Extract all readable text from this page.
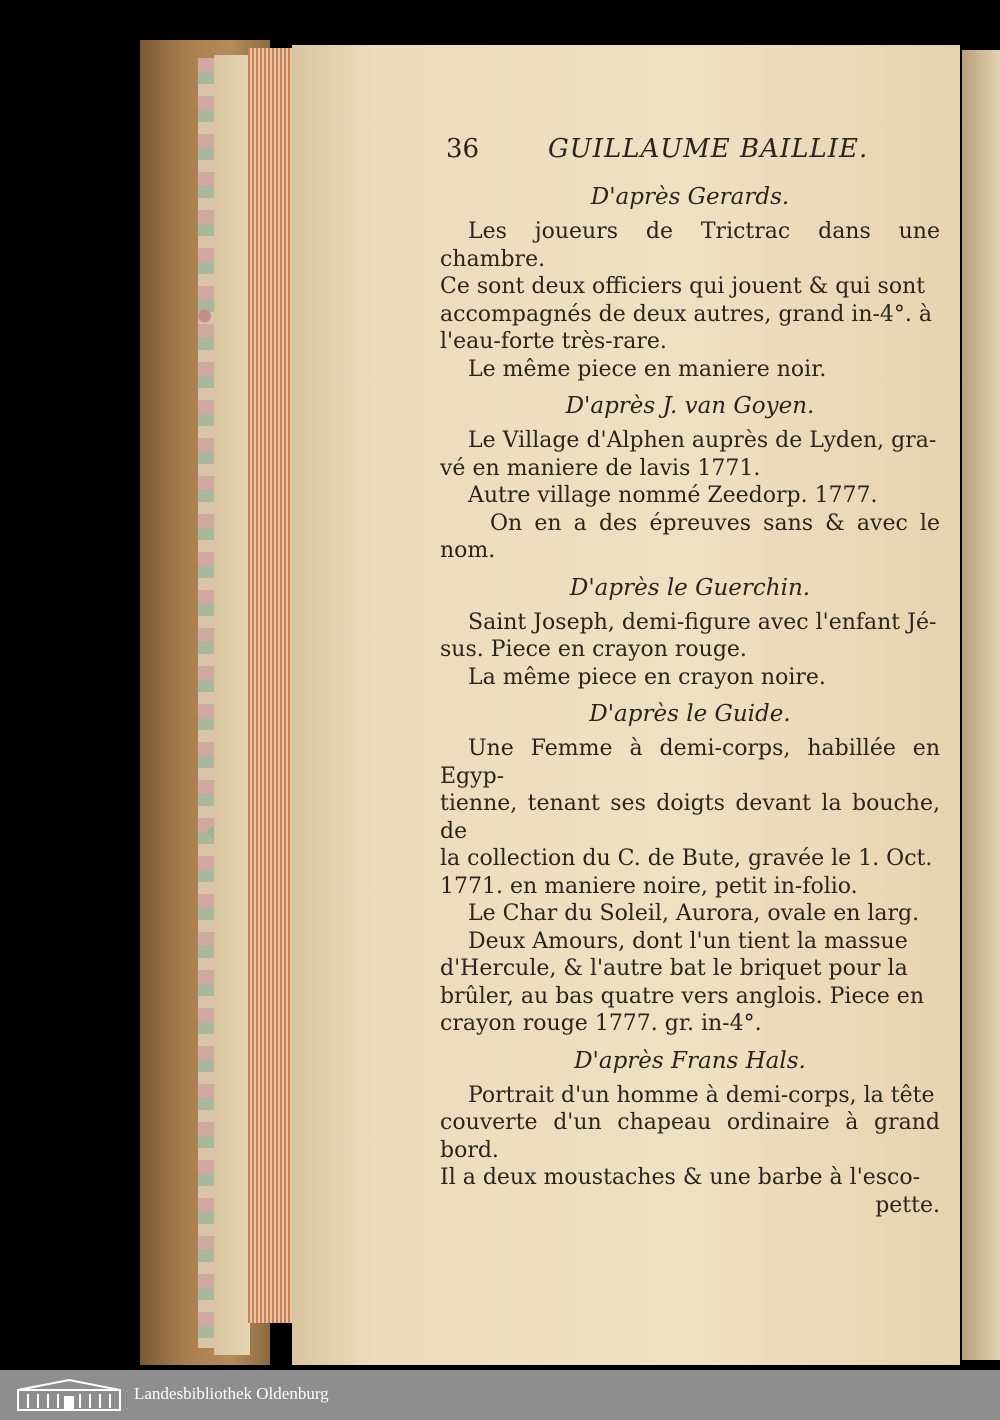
36	GUILLAUME BAILLIE.
D'après Gerards.

Les joueurs de Trictrac dans une chambre.

Ce sont deux officiers qui jouent & qui sont

accompagnés de deux autres, grand in-4°. à

l'eau-forte très-rare.

Le même piece en maniere noir.

D'après J. van Goyen.

Le Village d'Alphen auprès de Lyden, gra-

vé en maniere de lavis 1771.

Autre village nommé Zeedorp. 1777.

On en a des épreuves sans & avec le nom.

D'après le Guerchin.

Saint Joseph, demi-figure avec l'enfant Jé-

sus. Piece en crayon rouge.

La même piece en crayon noire.

D'après le Guide.

Une Femme à demi-corps, habillée en Egyp-

tienne, tenant ses doigts devant la bouche, de

la collection du C. de Bute, gravée le 1. Oct.

1771. en maniere noire, petit in-folio.

Le Char du Soleil, Aurora, ovale en larg.

Deux Amours, dont l'un tient la massue

d'Hercule, & l'autre bat le briquet pour la

brûler, au bas quatre vers anglois. Piece en

crayon rouge 1777. gr. in-4°.

D'après Frans Hals.

Portrait d'un homme à demi-corps, la tête

couverte d'un chapeau ordinaire à grand bord.

Il a deux moustaches & une barbe à l'esco-

pette.

Landesbibliothek Oldenburg
